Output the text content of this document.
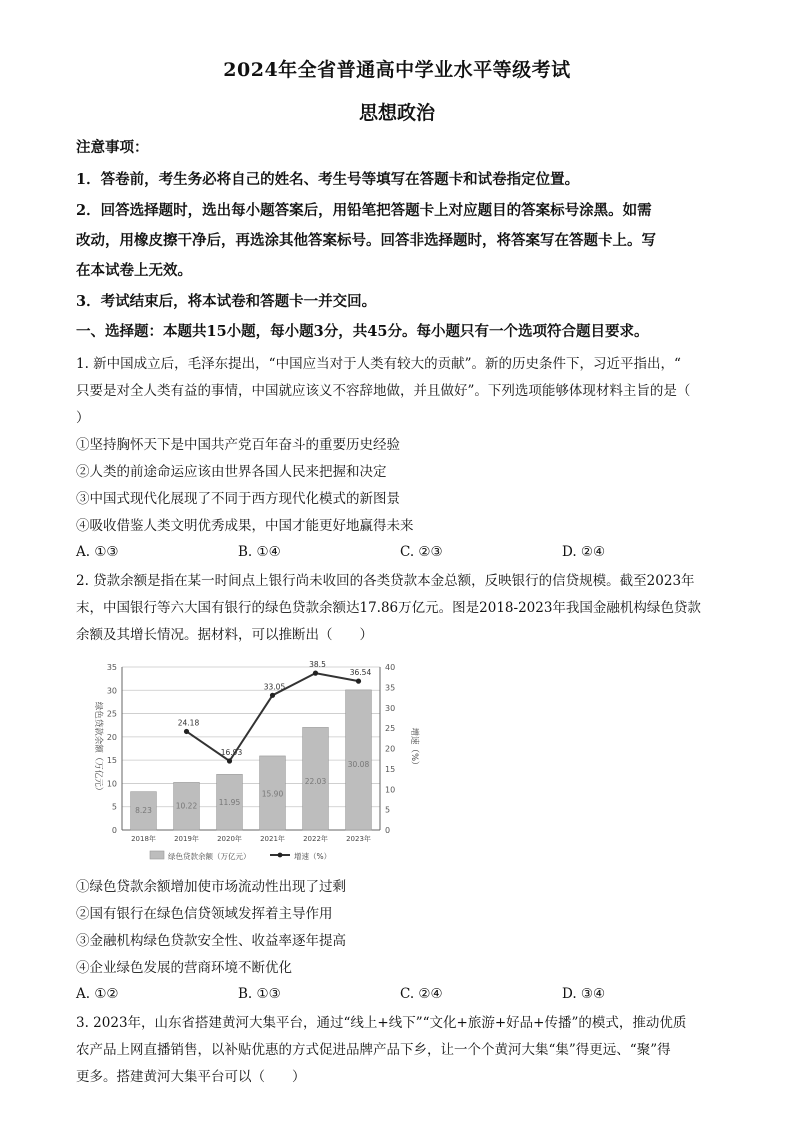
2024年全省普通高中学业水平等级考试
思想政治
注意事项：
1．答卷前，考生务必将自己的姓名、考生号等填写在答题卡和试卷指定位置。
2．回答选择题时，选出每小题答案后，用铅笔把答题卡上对应题目的答案标号涂黑。如需
改动，用橡皮擦干净后，再选涂其他答案标号。回答非选择题时，将答案写在答题卡上。写
在本试卷上无效。
3．考试结束后，将本试卷和答题卡一并交回。
一、选择题：本题共15小题，每小题3分，共45分。每小题只有一个选项符合题目要求。
1. 新中国成立后，毛泽东提出，“中国应当对于人类有较大的贡献”。新的历史条件下，习近平指出，“
只要是对全人类有益的事情，中国就应该义不容辞地做，并且做好”。下列选项能够体现材料主旨的是（
）
①坚持胸怀天下是中国共产党百年奋斗的重要历史经验
②人类的前途命运应该由世界各国人民来把握和决定
③中国式现代化展现了不同于西方现代化模式的新图景
④吸收借鉴人类文明优秀成果，中国才能更好地赢得未来
A. ①③	B. ①④	C. ②③	D. ②④
2. 贷款余额是指在某一时间点上银行尚未收回的各类贷款本金总额，反映银行的信贷规模。截至2023年
末，中国银行等六大国有银行的绿色贷款余额达17.86万亿元。图是2018-2023年我国金融机构绿色贷款
余额及其增长情况。据材料，可以推断出（　　）
0
5
10
15
20
25
30
35
0
5
10
15
20
25
30
35
40
8.23
2018年
10.22
2019年
11.95
2020年
15.90
2021年
22.03
2022年
30.08
2023年
24.18
16.93
33.05
38.5
36.54
绿色贷款余额（万亿元）	增速（%）
绿色贷款余额（万亿元）	增速（%）
①绿色贷款余额增加使市场流动性出现了过剩
②国有银行在绿色信贷领域发挥着主导作用
③金融机构绿色贷款安全性、收益率逐年提高
④企业绿色发展的营商环境不断优化
A. ①②	B. ①③	C. ②④	D. ③④
3. 2023年，山东省搭建黄河大集平台，通过“线上+线下”“文化+旅游+好品+传播”的模式，推动优质
农产品上网直播销售，以补贴优惠的方式促进品牌产品下乡，让一个个黄河大集“集”得更远、“聚”得
更多。搭建黄河大集平台可以（　　）
